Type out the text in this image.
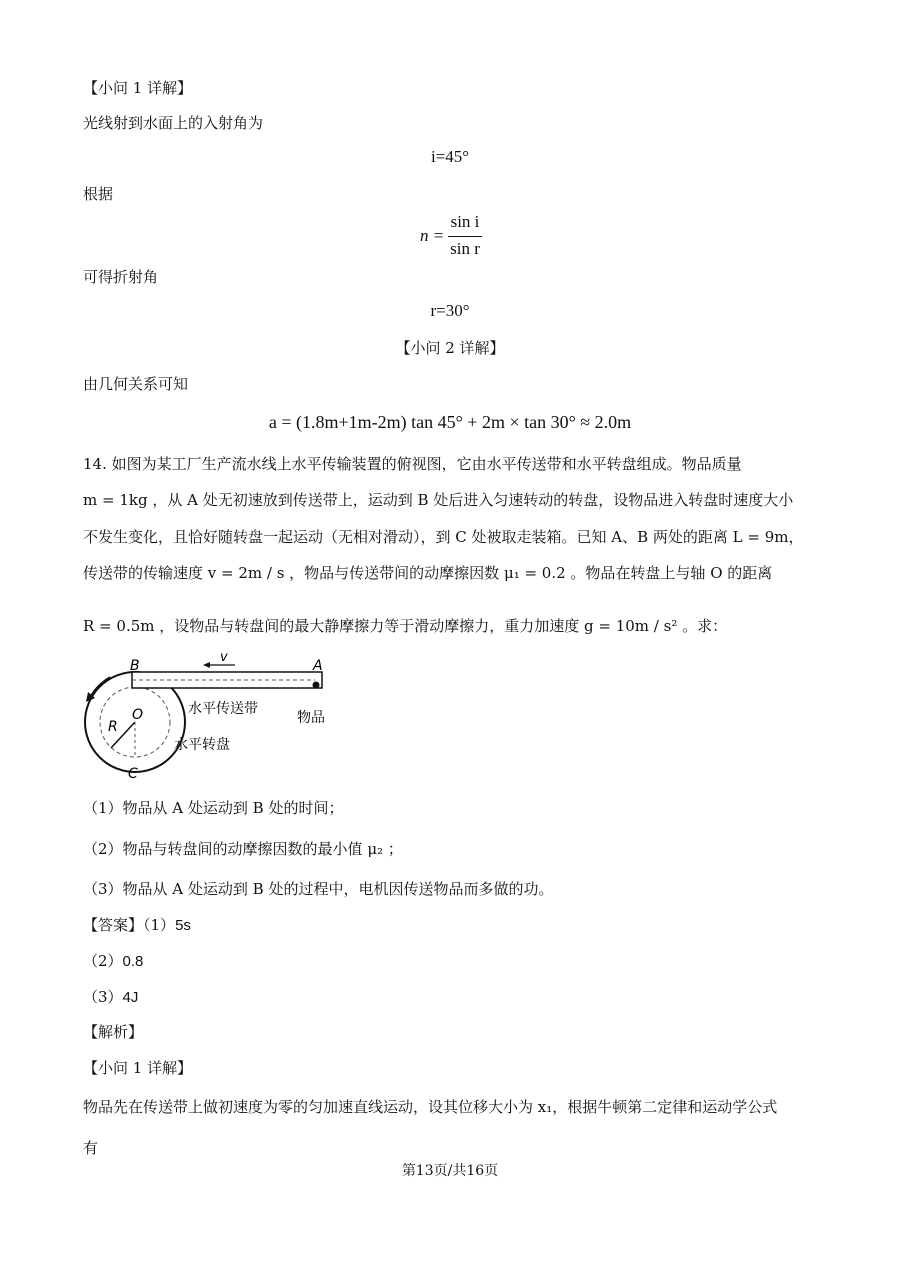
【小问 1 详解】
光线射到水面上的入射角为
i=45°
根据
n =
sin i
sin r
可得折射角
r=30°
【小问 2 详解】
由几何关系可知
a = (1.8m+1m-2m) tan 45° + 2m × tan 30° ≈ 2.0m
14. 如图为某工厂生产流水线上水平传输装置的俯视图，它由水平传送带和水平转盘组成。物品质量
m = 1kg ，从 A 处无初速放到传送带上，运动到 B 处后进入匀速转动的转盘，设物品进入转盘时速度大小
不发生变化，且恰好随转盘一起运动（无相对滑动），到 C 处被取走装箱。已知 A、B 两处的距离 L = 9m，
传送带的传输速度 v = 2m / s ，物品与传送带间的动摩擦因数 μ₁ = 0.2 。物品在转盘上与轴 O 的距离
R = 0.5m ，设物品与转盘间的最大静摩擦力等于滑动摩擦力，重力加速度 g = 10m / s² 。求：
B	A
v
O
R
C
水平传送带
物品
水平转盘
（1）物品从 A 处运动到 B 处的时间；
（2）物品与转盘间的动摩擦因数的最小值 μ₂ ；
（3）物品从 A 处运动到 B 处的过程中，电机因传送物品而多做的功。
【答案】（1）5s
（2）0.8
（3）4J
【解析】
【小问 1 详解】
物品先在传送带上做初速度为零的匀加速直线运动，设其位移大小为 x₁，根据牛顿第二定律和运动学公式
有
第13页/共16页
